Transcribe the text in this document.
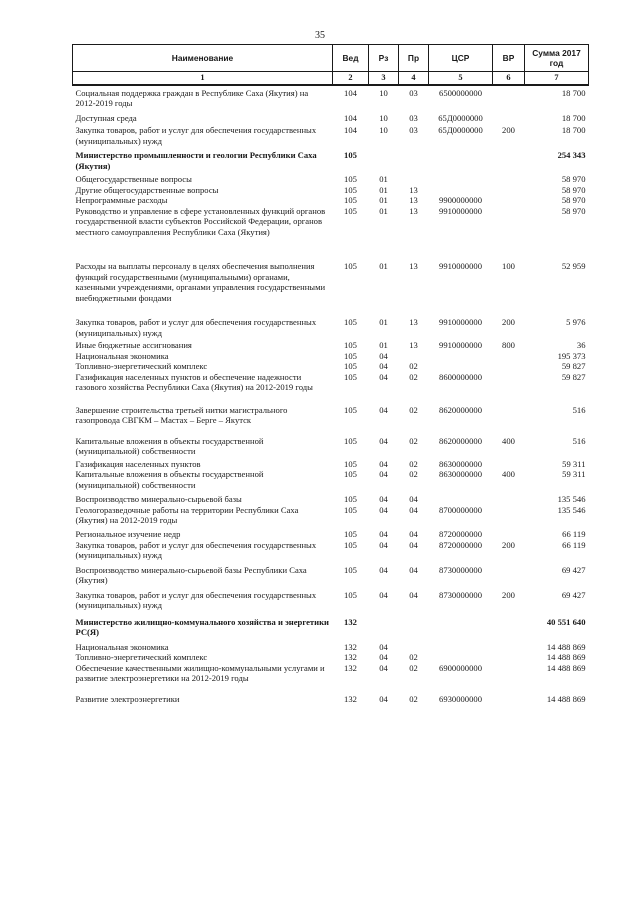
35
Наименование	Вед	Рз	Пр	ЦСР	ВР	Сумма 2017 год
1	2	3	4	5	6	7
Социальная поддержка граждан в Республике Саха (Якутия) на 2012-2019 годы	104	10	03	6500000000		18 700
Доступная среда	104	10	03	65Д0000000		18 700
Закупка товаров, работ и услуг для обеспечения государственных (муниципальных) нужд	104	10	03	65Д0000000	200	18 700
Министерство промышленности и геологии Республики Саха (Якутия)	105					254 343
Общегосударственные вопросы	105	01				58 970
Другие общегосударственные вопросы	105	01	13			58 970
Непрограммные расходы	105	01	13	9900000000		58 970
Руководство и управление в сфере установленных функций органов государственной власти субъектов Российской Федерации, органов местного самоуправления Республики Саха (Якутия)	105	01	13	9910000000		58 970
Расходы на выплаты персоналу в целях обеспечения выполнения функций государственными (муниципальными) органами, казенными учреждениями, органами управления государственными внебюджетными фондами	105	01	13	9910000000	100	52 959
Закупка товаров, работ и услуг для обеспечения государственных (муниципальных) нужд	105	01	13	9910000000	200	5 976
Иные бюджетные ассигнования	105	01	13	9910000000	800	36
Национальная экономика	105	04				195 373
Топливно-энергетический комплекс	105	04	02			59 827
Газификация населенных пунктов и обеспечение надежности газового хозяйства Республики Саха (Якутия) на 2012-2019 годы	105	04	02	8600000000		59 827
Завершение строительства третьей нитки магистрального газопровода СВГКМ – Мастах – Берге – Якутск	105	04	02	8620000000		516
Капитальные вложения в объекты государственной (муниципальной) собственности	105	04	02	8620000000	400	516
Газификация населенных пунктов	105	04	02	8630000000		59 311
Капитальные вложения в объекты государственной (муниципальной) собственности	105	04	02	8630000000	400	59 311
Воспроизводство минерально-сырьевой базы	105	04	04			135 546
Геологоразведочные работы на территории Республики Саха (Якутия) на 2012-2019 годы	105	04	04	8700000000		135 546
Региональное изучение недр	105	04	04	8720000000		66 119
Закупка товаров, работ и услуг для обеспечения государственных (муниципальных) нужд	105	04	04	8720000000	200	66 119
Воспроизводство минерально-сырьевой базы Республики Саха (Якутия)	105	04	04	8730000000		69 427
Закупка товаров, работ и услуг для обеспечения государственных (муниципальных) нужд	105	04	04	8730000000	200	69 427
Министерство жилищно-коммунального хозяйства и энергетики РС(Я)	132					40 551 640
Национальная экономика	132	04				14 488 869
Топливно-энергетический комплекс	132	04	02			14 488 869
Обеспечение качественными жилищно-коммунальными услугами и развитие электроэнергетики на 2012-2019 годы	132	04	02	6900000000		14 488 869
Развитие электроэнергетики	132	04	02	6930000000		14 488 869
